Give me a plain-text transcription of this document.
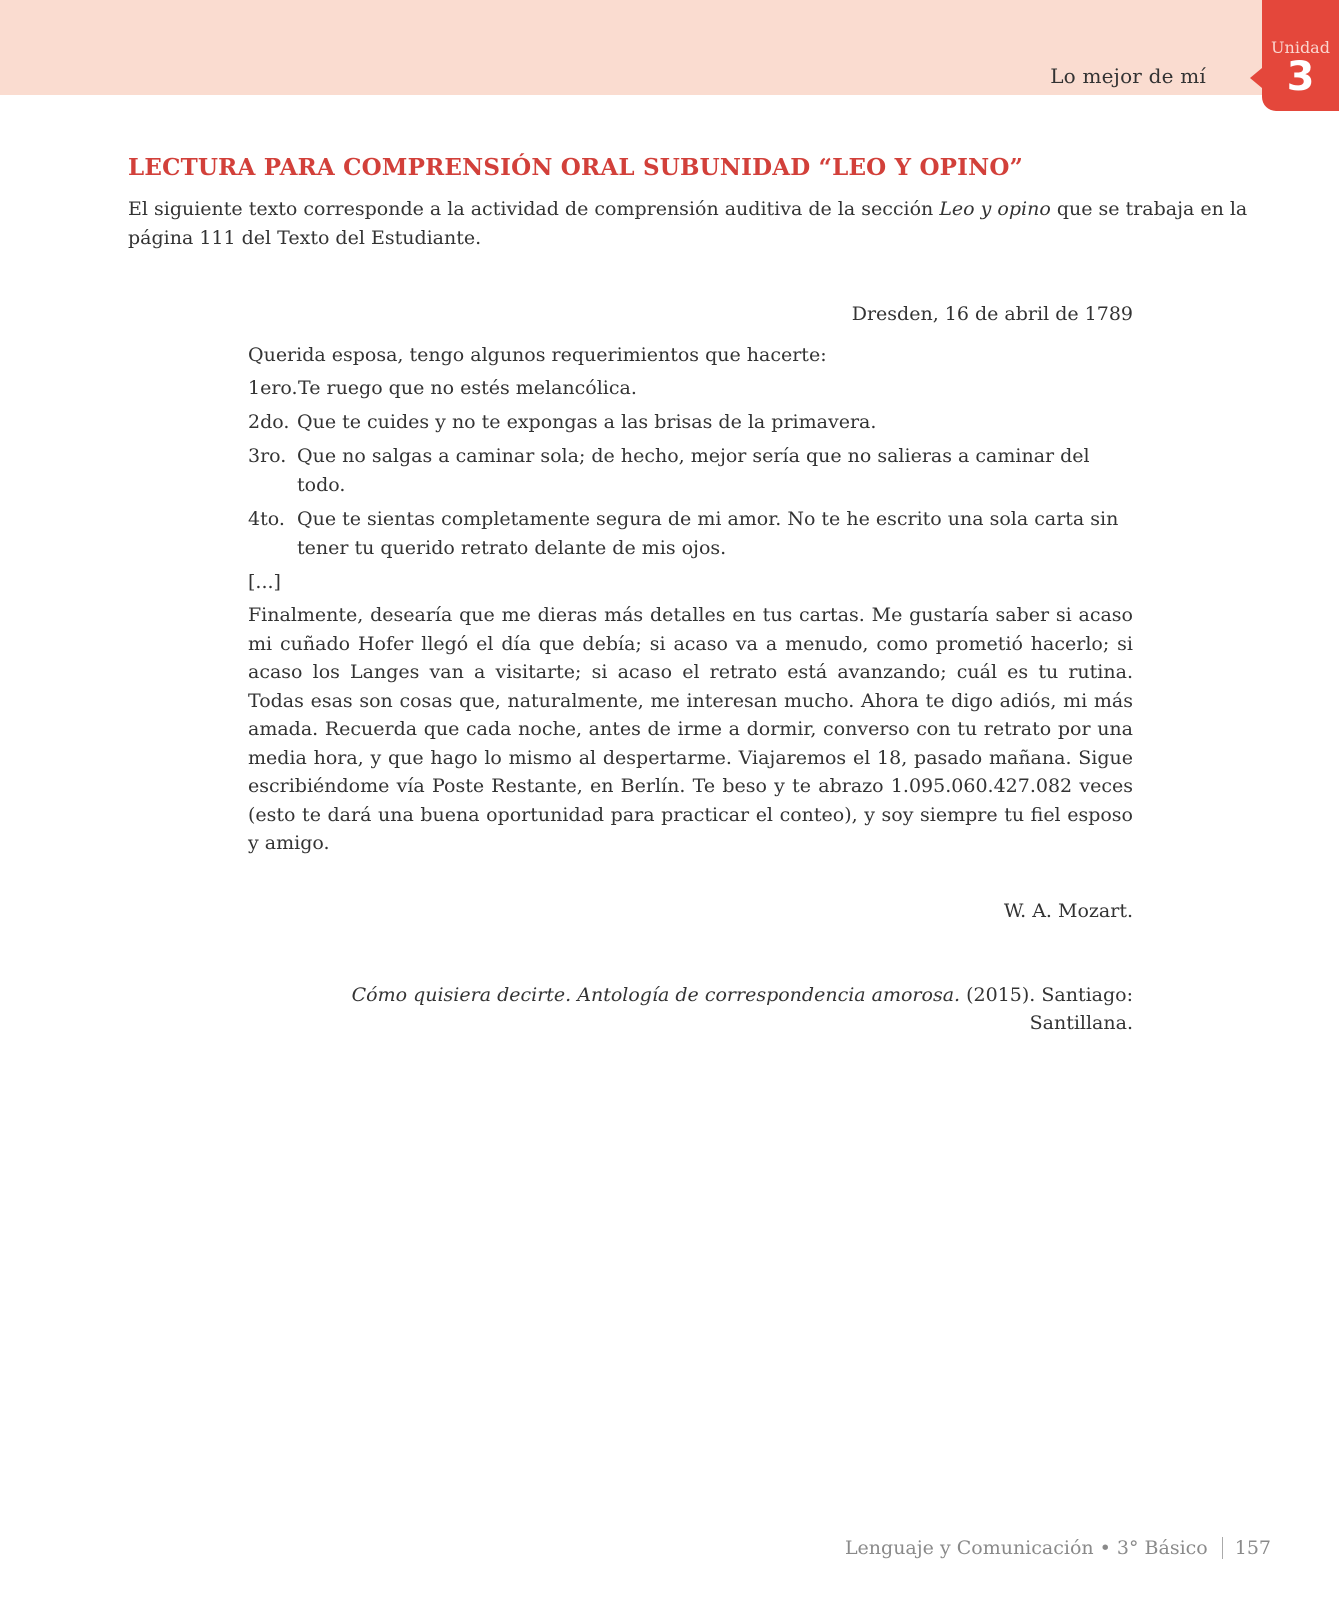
Lo mejor de mí
Unidad
3
LECTURA PARA COMPRENSIÓN ORAL SUBUNIDAD “LEO Y OPINO”
El siguiente texto corresponde a la actividad de comprensión auditiva de la sección Leo y opino que se trabaja en la página 111 del Texto del Estudiante.
Dresden, 16 de abril de 1789
Querida esposa, tengo algunos requerimientos que hacerte:
1ero. Te ruego que no estés melancólica.
2do. Que te cuides y no te expongas a las brisas de la primavera.
3ro. Que no salgas a caminar sola; de hecho, mejor sería que no salieras a caminar del todo.
4to. Que te sientas completamente segura de mi amor. No te he escrito una sola carta sin tener tu querido retrato delante de mis ojos.
[...]
Finalmente, desearía que me dieras más detalles en tus cartas. Me gustaría saber si acaso mi cuñado Hofer llegó el día que debía; si acaso va a menudo, como prometió hacerlo; si acaso los Langes van a visitarte; si acaso el retrato está avanzando; cuál es tu rutina. Todas esas son cosas que, naturalmente, me interesan mucho. Ahora te digo adiós, mi más amada. Recuerda que cada noche, antes de irme a dormir, converso con tu retrato por una media hora, y que hago lo mismo al despertarme. Viajaremos el 18, pasado mañana. Sigue escribiéndome vía Poste Restante, en Berlín. Te beso y te abrazo 1.095.060.427.082 veces (esto te dará una buena oportunidad para practicar el conteo), y soy siempre tu fiel esposo y amigo.
W. A. Mozart.
Cómo quisiera decirte. Antología de correspondencia amorosa. (2015). Santiago: Santillana.
Lenguaje y Comunicación • 3° Básico 157
